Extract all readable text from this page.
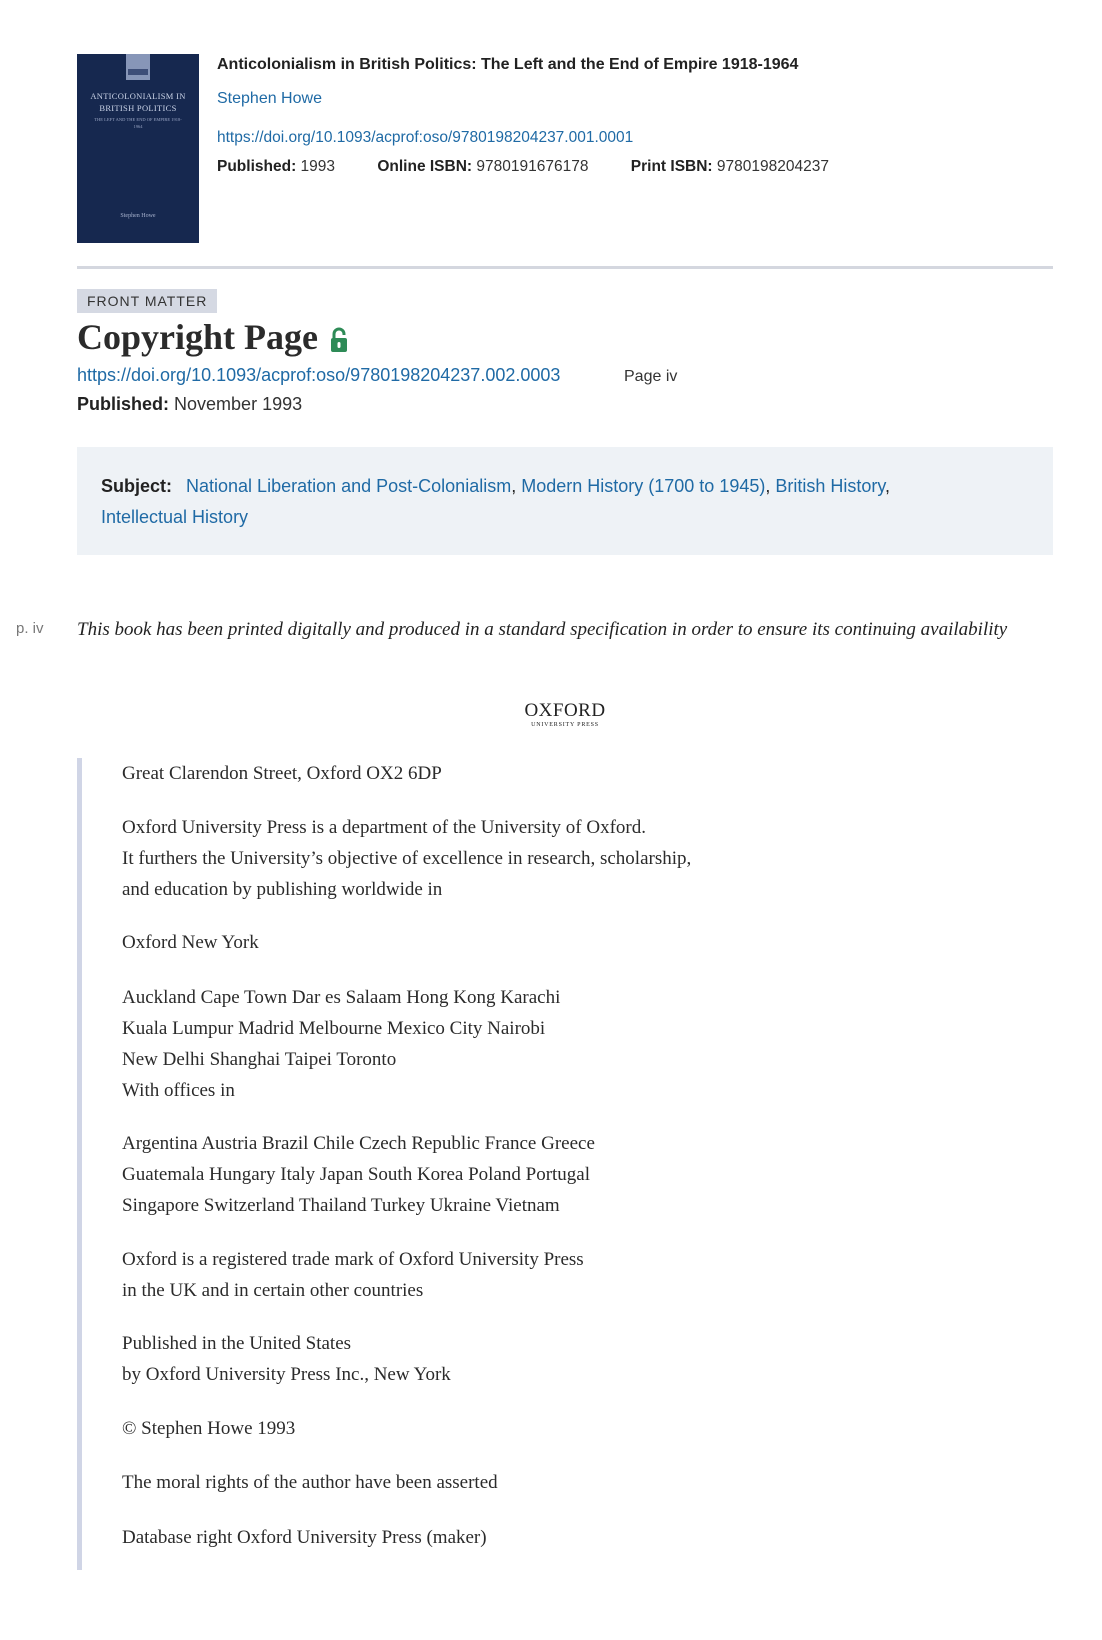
ANTICOLONIALISM IN BRITISH POLITICS
THE LEFT AND THE END OF EMPIRE 1918-1964
Stephen Howe
Anticolonialism in British Politics: The Left and the End of Empire 1918-1964
Stephen Howe
https://doi.org/10.1093/acprof:oso/9780198204237.001.0001
Published: 1993	Online ISBN: 9780191676178	Print ISBN: 9780198204237
FRONT MATTER
Copyright Page
https://doi.org/10.1093/acprof:oso/9780198204237.002.0003	Page iv
Published: November 1993
Subject: National Liberation and Post-Colonialism, Modern History (1700 to 1945), British History,
Intellectual History
p. iv This book has been printed digitally and produced in a standard specification in order to ensure its continuing availability
OXFORD
UNIVERSITY PRESS
Great Clarendon Street, Oxford OX2 6DP
Oxford University Press is a department of the University of Oxford.
It furthers the University’s objective of excellence in research, scholarship,
and education by publishing worldwide in
Oxford New York
Auckland Cape Town Dar es Salaam Hong Kong Karachi
Kuala Lumpur Madrid Melbourne Mexico City Nairobi
New Delhi Shanghai Taipei Toronto
With offices in
Argentina Austria Brazil Chile Czech Republic France Greece
Guatemala Hungary Italy Japan South Korea Poland Portugal
Singapore Switzerland Thailand Turkey Ukraine Vietnam
Oxford is a registered trade mark of Oxford University Press
in the UK and in certain other countries
Published in the United States
by Oxford University Press Inc., New York
© Stephen Howe 1993
The moral rights of the author have been asserted
Database right Oxford University Press (maker)
